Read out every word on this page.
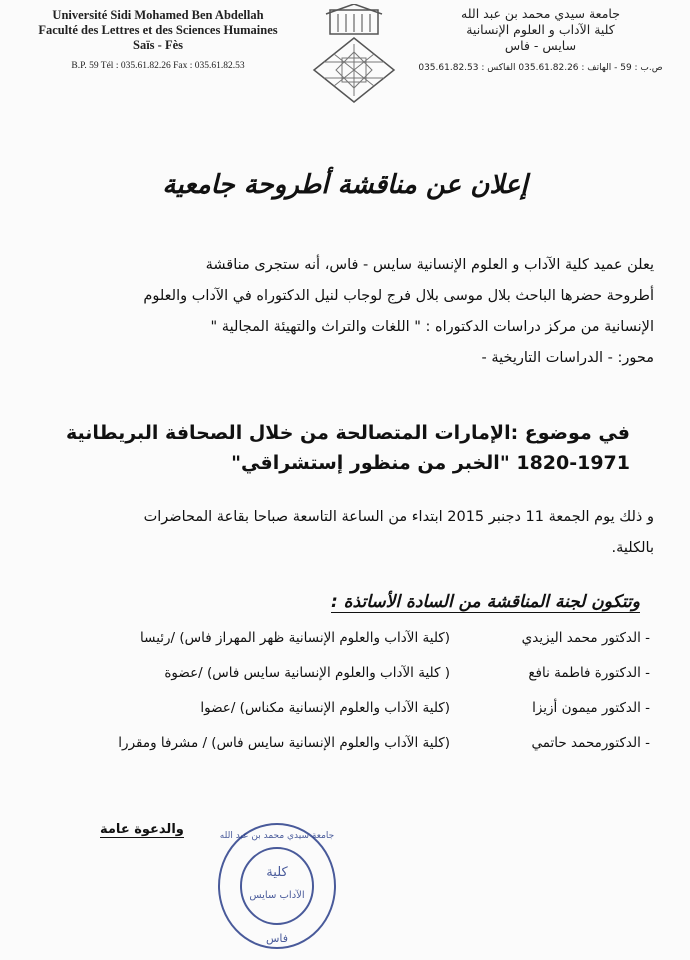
Université Sidi Mohamed Ben Abdellah
Faculté des Lettres et des Sciences Humaines
Saïs - Fès
B.P. 59 Tél : 035.61.82.26 Fax : 035.61.82.53
جامعة سيدي محمد بن عبد الله
كلية الآداب و العلوم الإنسانية
سايس - فاس
ص.ب : 59 - الهاتف : 035.61.82.26 الفاكس : 035.61.82.53
إعلان عن مناقشة أطروحة جامعية
يعلن عميد كلية الآداب و العلوم الإنسانية سايس - فاس، أنه ستجرى مناقشة
أطروحة حضرها الباحث بلال موسى بلال فرج لوجاب لنيل الدكتوراه في الآداب والعلوم
الإنسانية من مركز دراسات الدكتوراه : " اللغات والتراث والتهيئة المجالية "
محور: - الدراسات التاريخية -
في موضوع :الإمارات المتصالحة من خلال الصحافة البريطانية
1820-1971 "الخبر من منظور إستشراقي"
و ذلك يوم الجمعة 11 دجنبر 2015 ابتداء من الساعة التاسعة صباحا بقاعة المحاضرات
بالكلية.
وتتكون لجنة المناقشة من السادة الأساتذة :
- الدكتور محمد اليزيدي
(كلية الآداب والعلوم الإنسانية ظهر المهراز فاس) /رئيسا
- الدكتورة فاطمة نافع
( كلية الآداب والعلوم الإنسانية سايس فاس) /عضوة
- الدكتور ميمون أزيزا
(كلية الآداب والعلوم الإنسانية مكناس) /عضوا
- الدكتورمحمد حاتمي
(كلية الآداب والعلوم الإنسانية سايس فاس) / مشرفا ومقررا
والدعوة عامة
كلية
الآداب سايس
فاس
جامعة سيدي محمد بن عبد الله
